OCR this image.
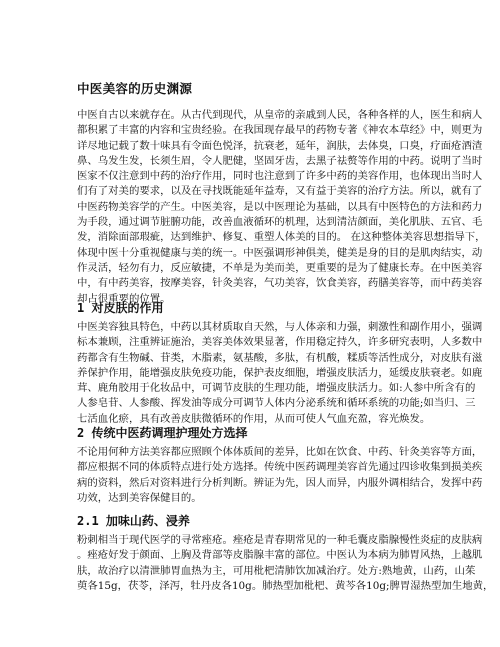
中医美容的历史渊源
中医自古以来就存在。从古代到现代，从皇帝的亲戚到人民，各种各样的人，医生和病人
都积累了丰富的内容和宝贵经验。在我国现存最早的药物专著《神农本草经》中，则更为
详尽地记载了数十味具有令面色悦泽，抗衰老，延年，润肤，去体臭，口臭，疗面疮酒渣
鼻、乌发生发，长须生眉，令人肥健，坚固牙齿，去黑子祛赘等作用的中药。说明了当时
医家不仅注意到中药的治疗作用，同时也注意到了许多中药的美容作用，也体现出当时人
们有了对美的要求，以及在寻找既能延年益寿，又有益于美容的治疗方法。所以，就有了
中医药物美容学的产生。中医美容，是以中医理论为基础，以具有中医特色的方法和药力
为手段，通过调节脏腑功能，改善血液循环的机理，达到清洁颜面，美化肌肤、五官、毛
发，消除面部瑕疵，达到维护、修复、重塑人体美的目的。 在这种整体美容思想指导下，
体现中医十分重视健康与美的统一。中医强调形神俱美，健美是身的目的是肌肉结实，动
作灵活，轻勿有力，反应敏捷，不单是为美而美，更重要的是为了健康长寿。在中医美容
中，有中药美容，按摩美容，针灸美容，气功美容，饮食美容，药膳美容等，而中药美容
却占很重要的位置。
1 对皮肤的作用
中医美容独具特色，中药以其材质取自天然，与人体亲和力强，刺激性和副作用小，强调
标本兼顾，注重辨证施治，美容美体效果显著，作用稳定持久，许多研究表明，人多数中
药都含有生物碱、苷类，木脂素，氨基酸，多肽，有机酸，糅质等活性成分，对皮肤有滋
养保护作用，能增强皮肤免疫功能，保护表皮细胞，增强皮肤活力，延缓皮肤衰老。如鹿
茸、鹿角胶用于化妆品中，可调节皮肤的生理功能，增强皮肤活力。如:人参中所含有的
人参皂苷、人参酸、挥发油等成分可调节人体内分泌系统和循环系统的功能;如当归、三
七活血化瘀，具有改善皮肤微循环的作用，从而可使人气血充盈，容光焕发。
2 传统中医药调理护理处方选择
不论用何种方法美容都应照顾个体体质间的差异，比如在饮食、中药、针灸美容等方面，
都应根据不同的体质特点进行处方选择。传统中医药调理美容首先通过四诊收集到损美疾
病的资料，然后对资料进行分析判断。辨证为先，因人而异，内服外调相结合，发挥中药
功效，达到美容保健目的。
2.1 加味山药、浸养
粉刺相当于现代医学的寻常痤疮。痤疮是青春期常见的一种毛囊皮脂腺慢性炎症的皮肤病
。痤疮好发于颜面、上胸及背部等皮脂腺丰富的部位。中医认为本病为肺胃风热，上越肌
肤，故治疗以清泄肺胃血热为主，可用枇杷清肺饮加减治疗。处方:熟地黄，山药，山茱
萸各15g，茯苓，泽泻，牡丹皮各10g。肺热型加枇杷、黄芩各10g;脾胃湿热型加生地黄，
